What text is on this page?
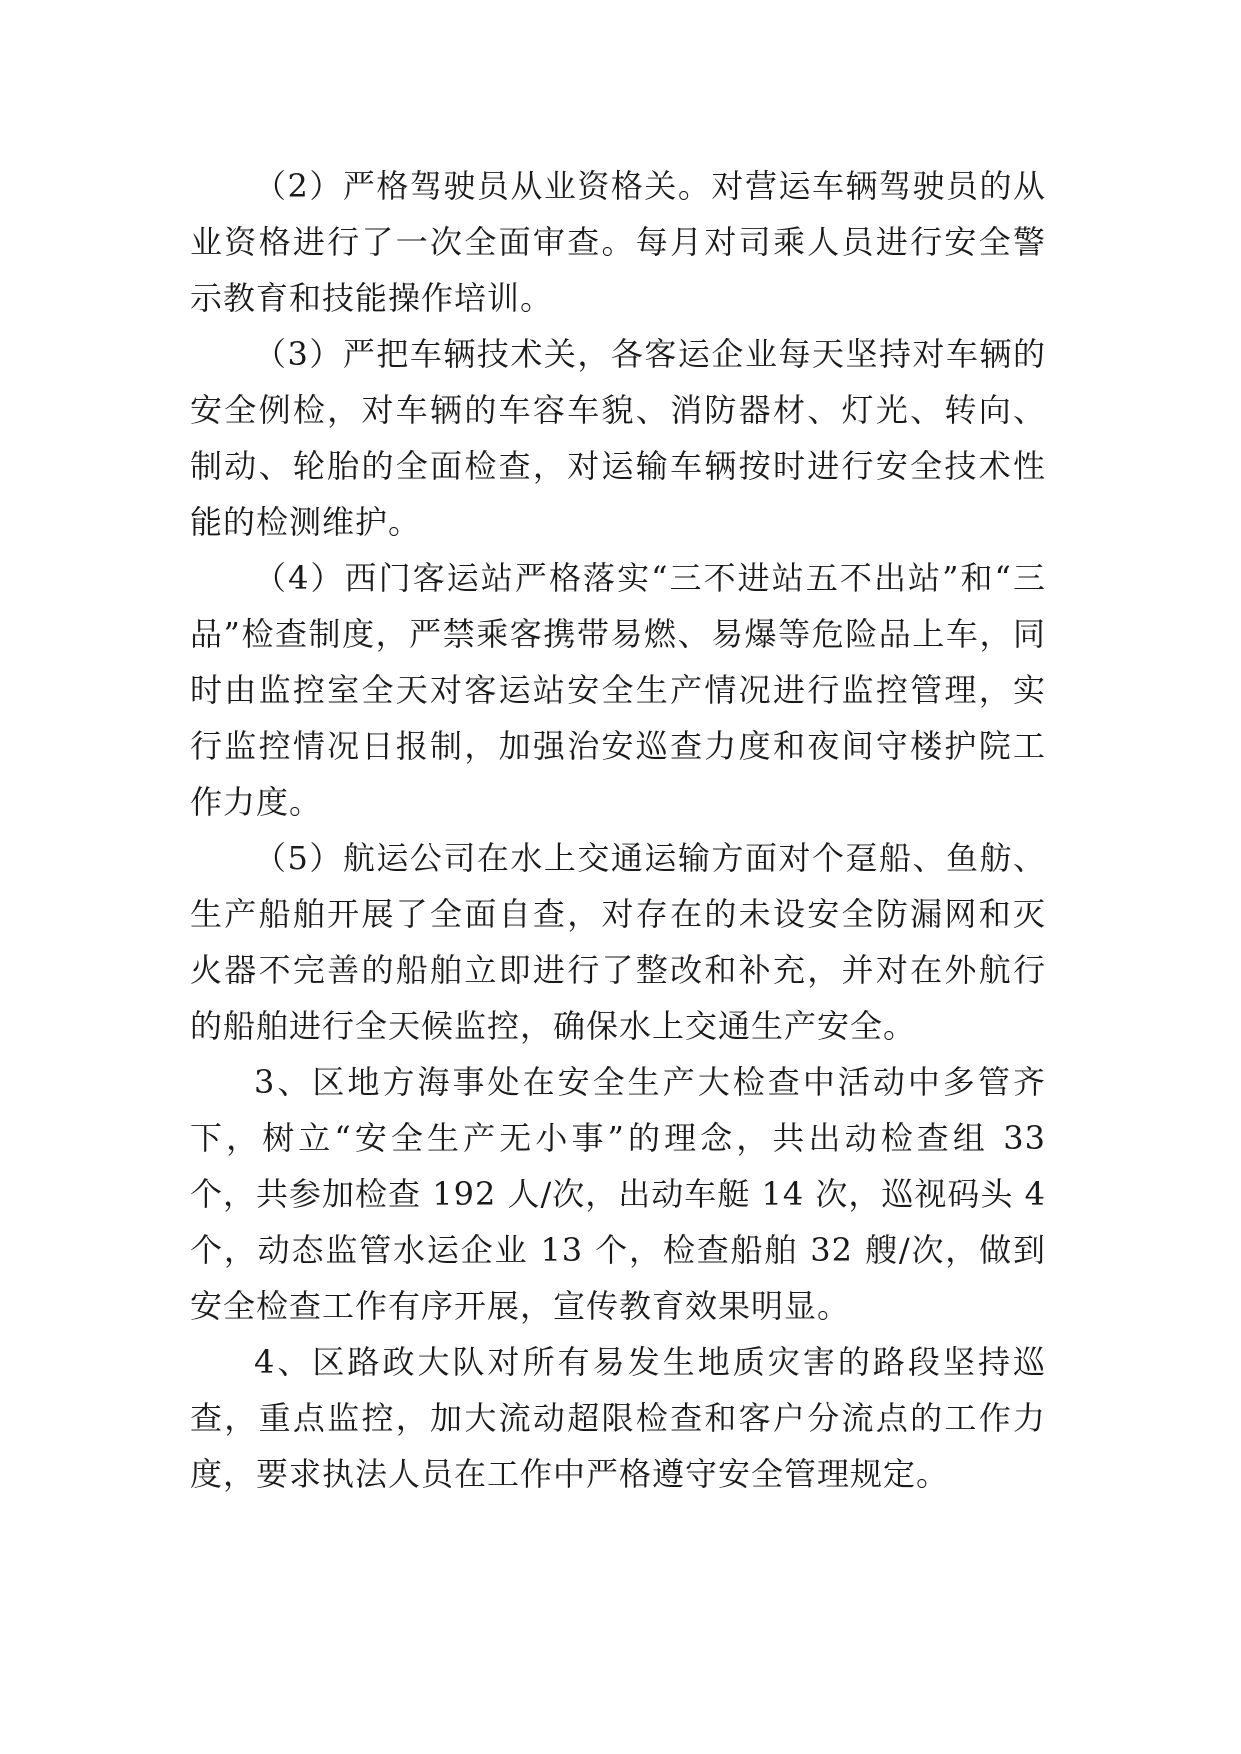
（2）严格驾驶员从业资格关。对营运车辆驾驶员的从业资格进行了一次全面审查。每月对司乘人员进行安全警示教育和技能操作培训。

（3）严把车辆技术关，各客运企业每天坚持对车辆的安全例检，对车辆的车容车貌、消防器材、灯光、转向、制动、轮胎的全面检查，对运输车辆按时进行安全技术性能的检测维护。

（4）西门客运站严格落实“三不进站五不出站”和“三品”检查制度，严禁乘客携带易燃、易爆等危险品上车，同时由监控室全天对客运站安全生产情况进行监控管理，实行监控情况日报制，加强治安巡查力度和夜间守楼护院工作力度。

（5）航运公司在水上交通运输方面对个趸船、鱼舫、生产船舶开展了全面自查，对存在的未设安全防漏网和灭火器不完善的船舶立即进行了整改和补充，并对在外航行的船舶进行全天候监控，确保水上交通生产安全。

3、区地方海事处在安全生产大检查中活动中多管齐下，树立“安全生产无小事”的理念，共出动检查组 33 个，共参加检查 192 人/次，出动车艇 14 次，巡视码头 4 个，动态监管水运企业 13 个，检查船舶 32 艘/次，做到安全检查工作有序开展，宣传教育效果明显。

4、区路政大队对所有易发生地质灾害的路段坚持巡查，重点监控，加大流动超限检查和客户分流点的工作力度，要求执法人员在工作中严格遵守安全管理规定。
